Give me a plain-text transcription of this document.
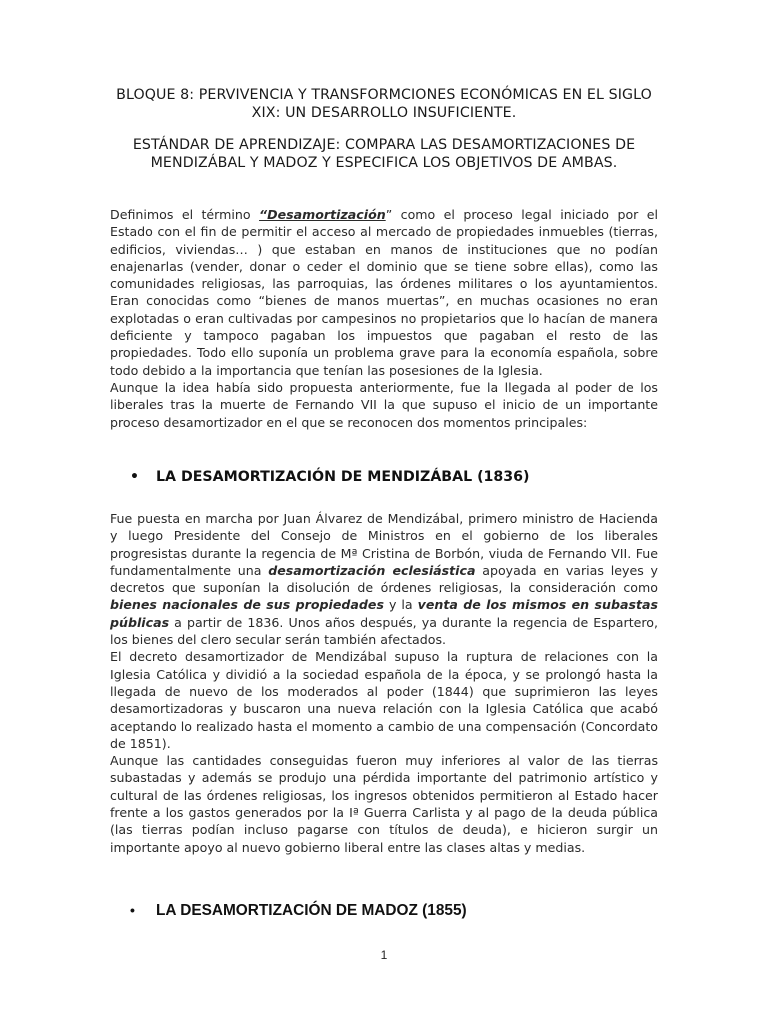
BLOQUE 8: PERVIVENCIA Y TRANSFORMCIONES ECONÓMICAS EN EL SIGLO XIX: UN DESARROLLO INSUFICIENTE.
ESTÁNDAR DE APRENDIZAJE: COMPARA LAS DESAMORTIZACIONES DE MENDIZÁBAL Y MADOZ Y ESPECIFICA LOS OBJETIVOS DE AMBAS.

Definimos el término “Desamortización” como el proceso legal iniciado por el Estado con el fin de permitir el acceso al mercado de propiedades inmuebles (tierras, edificios, viviendas… ) que estaban en manos de instituciones que no podían enajenarlas (vender, donar o ceder el dominio que se tiene sobre ellas), como las comunidades religiosas, las parroquias, las órdenes militares o los ayuntamientos. Eran conocidas como “bienes de manos muertas”, en muchas ocasiones no eran explotadas o eran cultivadas por campesinos no propietarios que lo hacían de manera deficiente y tampoco pagaban los impuestos que pagaban el resto de las propiedades. Todo ello suponía un problema grave para la economía española, sobre todo debido a la importancia que tenían las posesiones de la Iglesia.

Aunque la idea había sido propuesta anteriormente, fue la llegada al poder de los liberales tras la muerte de Fernando VII la que supuso el inicio de un importante proceso desamortizador en el que se reconocen dos momentos principales:

• LA DESAMORTIZACIÓN DE MENDIZÁBAL (1836)

Fue puesta en marcha por Juan Álvarez de Mendizábal, primero ministro de Hacienda y luego Presidente del Consejo de Ministros en el gobierno de los liberales progresistas durante la regencia de Mª Cristina de Borbón, viuda de Fernando VII. Fue fundamentalmente una desamortización eclesiástica apoyada en varias leyes y decretos que suponían la disolución de órdenes religiosas, la consideración como bienes nacionales de sus propiedades y la venta de los mismos en subastas públicas a partir de 1836. Unos años después, ya durante la regencia de Espartero, los bienes del clero secular serán también afectados.

El decreto desamortizador de Mendizábal supuso la ruptura de relaciones con la Iglesia Católica y dividió a la sociedad española de la época, y se prolongó hasta la llegada de nuevo de los moderados al poder (1844) que suprimieron las leyes desamortizadoras y buscaron una nueva relación con la Iglesia Católica que acabó aceptando lo realizado hasta el momento a cambio de una compensación (Concordato de 1851).

Aunque las cantidades conseguidas fueron muy inferiores al valor de las tierras subastadas y además se produjo una pérdida importante del patrimonio artístico y cultural de las órdenes religiosas, los ingresos obtenidos permitieron al Estado hacer frente a los gastos generados por la Iª Guerra Carlista y al pago de la deuda pública (las tierras podían incluso pagarse con títulos de deuda), e hicieron surgir un importante apoyo al nuevo gobierno liberal entre las clases altas y medias.

• LA DESAMORTIZACIÓN DE MADOZ (1855)
1
